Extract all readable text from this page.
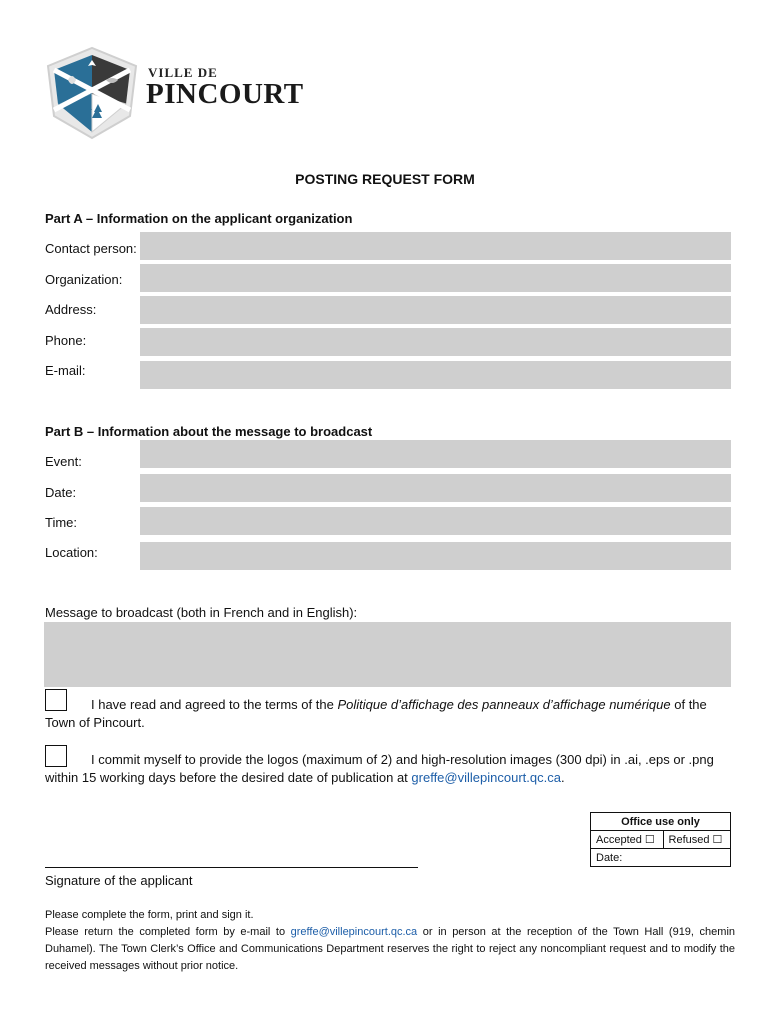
VILLE DE
PINCOURT
POSTING REQUEST FORM
Part A – Information on the applicant organization
Contact person:
Organization:
Address:
Phone:
E-mail:
Part B – Information about the message to broadcast
Event:
Date:
Time:
Location:
Message to broadcast (both in French and in English):
I have read and agreed to the terms of the Politique d’affichage des panneaux d’affichage numérique of the Town of Pincourt.
I commit myself to provide the logos (maximum of 2) and high-resolution images (300 dpi) in .ai, .eps or .png within 15 working days before the desired date of publication at greffe@villepincourt.qc.ca.
Office use only
Accepted ☐	Refused ☐
Date:
Signature of the applicant
Please complete the form, print and sign it.
Please return the completed form by e-mail to greffe@villepincourt.qc.ca or in person at the reception of the Town Hall (919, chemin Duhamel). The Town Clerk’s Office and Communications Department reserves the right to reject any noncompliant request and to modify the received messages without prior notice.
